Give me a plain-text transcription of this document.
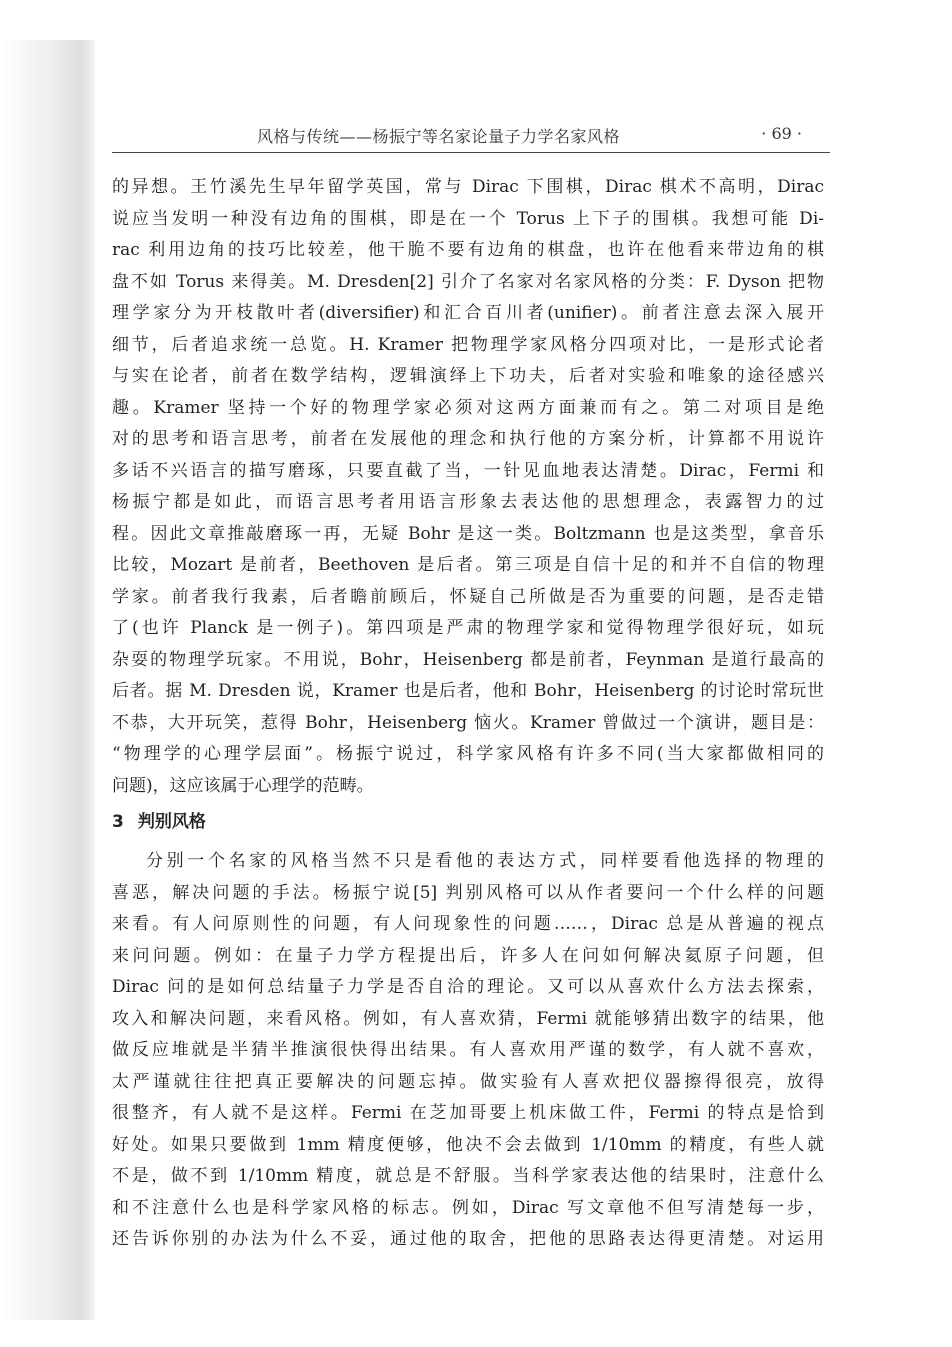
风格与传统——杨振宁等名家论量子力学名家风格	· 69 ·
的异想。王竹溪先生早年留学英国，常与 Dirac 下围棋，Dirac 棋术不高明，Dirac
说应当发明一种没有边角的围棋，即是在一个 Torus 上下子的围棋。我想可能 Di-
rac 利用边角的技巧比较差，他干脆不要有边角的棋盘，也许在他看来带边角的棋
盘不如 Torus 来得美。M. Dresden[2] 引介了名家对名家风格的分类：F. Dyson 把物
理学家分为开枝散叶者(diversifier)和汇合百川者(unifier)。前者注意去深入展开
细节，后者追求统一总览。H. Kramer 把物理学家风格分四项对比，一是形式论者
与实在论者，前者在数学结构，逻辑演绎上下功夫，后者对实验和唯象的途径感兴
趣。Kramer 坚持一个好的物理学家必须对这两方面兼而有之。第二对项目是绝
对的思考和语言思考，前者在发展他的理念和执行他的方案分析，计算都不用说许
多话不兴语言的描写磨琢，只要直截了当，一针见血地表达清楚。Dirac，Fermi 和
杨振宁都是如此，而语言思考者用语言形象去表达他的思想理念，表露智力的过
程。因此文章推敲磨琢一再，无疑 Bohr 是这一类。Boltzmann 也是这类型，拿音乐
比较，Mozart 是前者，Beethoven 是后者。第三项是自信十足的和并不自信的物理
学家。前者我行我素，后者瞻前顾后，怀疑自己所做是否为重要的问题，是否走错
了(也许 Planck 是一例子)。第四项是严肃的物理学家和觉得物理学很好玩，如玩
杂耍的物理学玩家。不用说，Bohr，Heisenberg 都是前者，Feynman 是道行最高的
后者。据 M. Dresden 说，Kramer 也是后者，他和 Bohr，Heisenberg 的讨论时常玩世
不恭，大开玩笑，惹得 Bohr，Heisenberg 恼火。Kramer 曾做过一个演讲，题目是：
“物理学的心理学层面”。杨振宁说过，科学家风格有许多不同(当大家都做相同的
问题)，这应该属于心理学的范畴。
3 判别风格
分别一个名家的风格当然不只是看他的表达方式，同样要看他选择的物理的
喜恶，解决问题的手法。杨振宁说[5] 判别风格可以从作者要问一个什么样的问题
来看。有人问原则性的问题，有人问现象性的问题……，Dirac 总是从普遍的视点
来问问题。例如：在量子力学方程提出后，许多人在问如何解决氦原子问题，但
Dirac 问的是如何总结量子力学是否自洽的理论。又可以从喜欢什么方法去探索，
攻入和解决问题，来看风格。例如，有人喜欢猜，Fermi 就能够猜出数字的结果，他
做反应堆就是半猜半推演很快得出结果。有人喜欢用严谨的数学，有人就不喜欢，
太严谨就往往把真正要解决的问题忘掉。做实验有人喜欢把仪器擦得很亮，放得
很整齐，有人就不是这样。Fermi 在芝加哥要上机床做工件，Fermi 的特点是恰到
好处。如果只要做到 1mm 精度便够，他决不会去做到 1/10mm 的精度，有些人就
不是，做不到 1/10mm 精度，就总是不舒服。当科学家表达他的结果时，注意什么
和不注意什么也是科学家风格的标志。例如，Dirac 写文章他不但写清楚每一步，
还告诉你别的办法为什么不妥，通过他的取舍，把他的思路表达得更清楚。对运用
